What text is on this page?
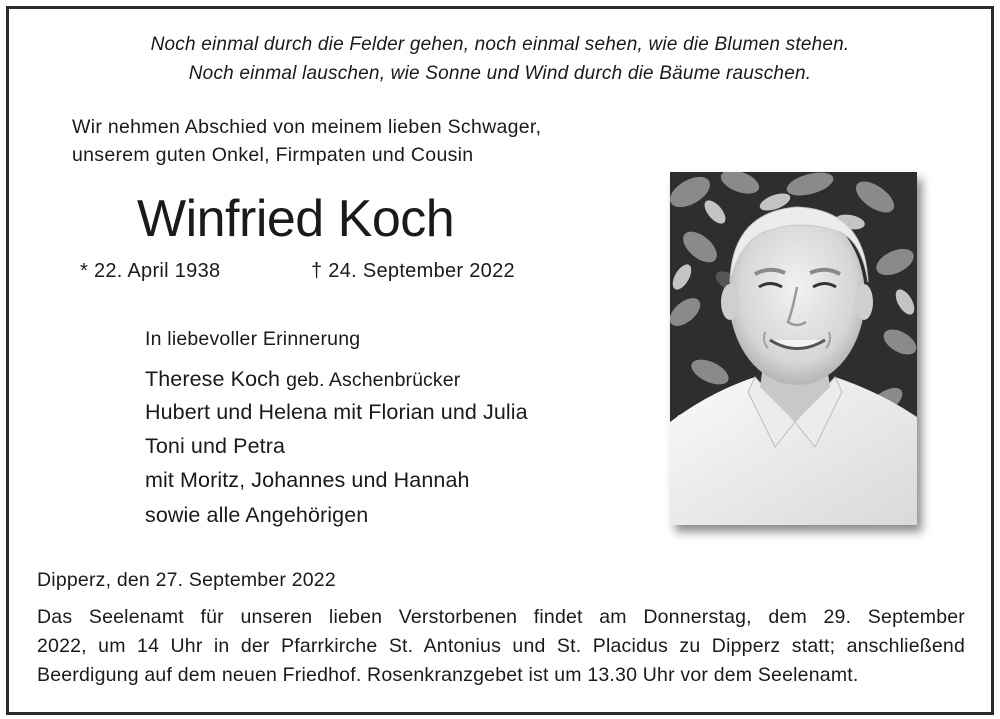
Noch einmal durch die Felder gehen, noch einmal sehen, wie die Blumen stehen.
Noch einmal lauschen, wie Sonne und Wind durch die Bäume rauschen.
Wir nehmen Abschied von meinem lieben Schwager,
unserem guten Onkel, Firmpaten und Cousin
Winfried Koch
* 22. April 1938	† 24. September 2022
In liebevoller Erinnerung
Therese Koch geb. Aschenbrücker
Hubert und Helena mit Florian und Julia
Toni und Petra
mit Moritz, Johannes und Hannah
sowie alle Angehörigen
Dipperz, den 27. September 2022
Das Seelenamt für unseren lieben Verstorbenen findet am Donnerstag, dem 29. September
2022, um 14 Uhr in der Pfarrkirche St. Antonius und St. Placidus zu Dipperz statt; anschließend
Beerdigung auf dem neuen Friedhof. Rosenkranzgebet ist um 13.30 Uhr vor dem Seelenamt.
